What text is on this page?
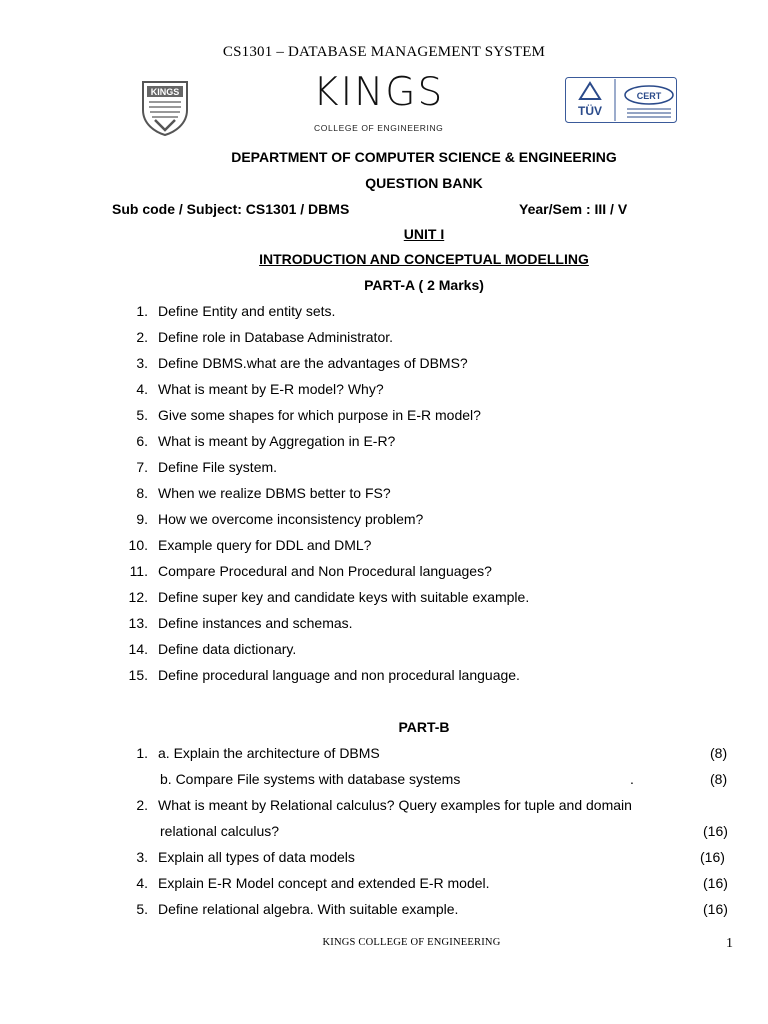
CS1301 – DATABASE MANAGEMENT SYSTEM
KINGS	KINGS
COLLEGE OF ENGINEERING
TÜV
CERT
DEPARTMENT OF COMPUTER SCIENCE & ENGINEERING
QUESTION BANK
Sub code / Subject: CS1301 / DBMS	Year/Sem : III / V
UNIT I
INTRODUCTION AND CONCEPTUAL MODELLING
PART-A ( 2 Marks)
1. Define Entity and entity sets.
2. Define role in Database Administrator.
3. Define DBMS.what are the advantages of DBMS?
4. What is meant by E-R model? Why?
5. Give some shapes for which purpose in E-R model?
6. What is meant by Aggregation in E-R?
7. Define File system.
8. When we realize DBMS better to FS?
9. How we overcome inconsistency problem?
10. Example query for DDL and DML?
11. Compare Procedural and Non Procedural languages?
12. Define super key and candidate keys with suitable example.
13. Define instances and schemas.
14. Define data dictionary.
15. Define procedural language and non procedural language.
PART-B
1. a. Explain the architecture of DBMS	(8)
b. Compare File systems with database systems	.	(8)
2. What is meant by Relational calculus? Query examples for tuple and domain
relational calculus?	(16)
3. Explain all types of data models	(16)
4. Explain E-R Model concept and extended E-R model.	(16)
5. Define relational algebra. With suitable example.	(16)
KINGS COLLEGE OF ENGINEERING	1
